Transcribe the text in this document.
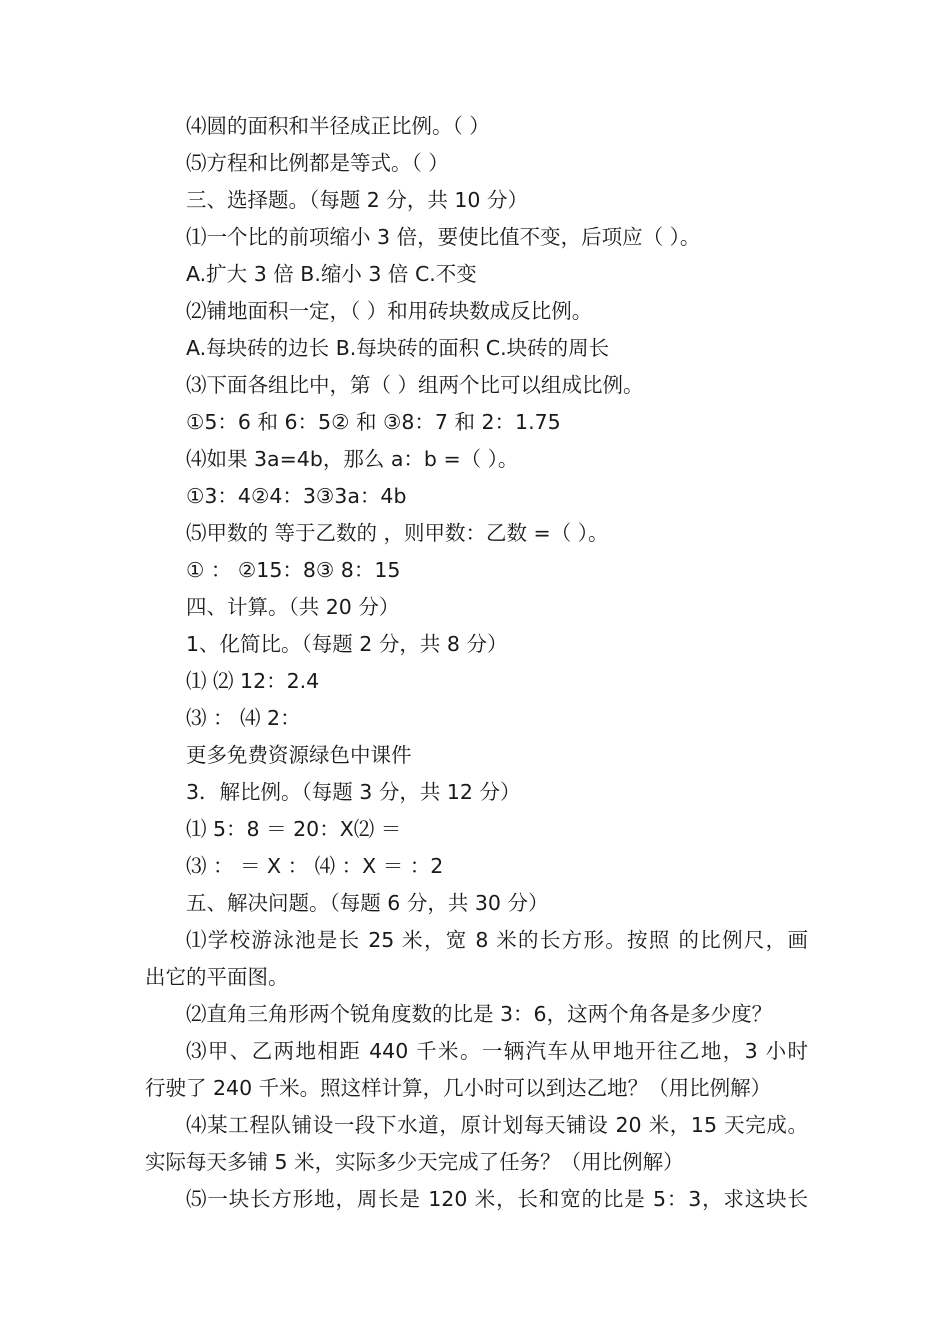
⑷圆的面积和半径成正比例。（ ）
⑸方程和比例都是等式。（ ）
三、选择题。（每题 2 分，共 10 分）
⑴一个比的前项缩小 3 倍，要使比值不变，后项应（ ）。
A.扩大 3 倍 B.缩小 3 倍 C.不变
⑵铺地面积一定，（ ）和用砖块数成反比例。
A.每块砖的边长 B.每块砖的面积 C.块砖的周长
⑶下面各组比中，第（ ）组两个比可以组成比例。
①5：6 和 6：5② 和 ③8：7 和 2：1.75
⑷如果 3a=4b，那么 a：b =（ ）。
①3：4②4：3③3a：4b
⑸甲数的 等于乙数的 ，则甲数：乙数 =（ ）。
① ： ②15：8③ 8：15
四、计算。（共 20 分）
1、化简比。（每题 2 分，共 8 分）
⑴ ⑵ 12：2.4
⑶ ： ⑷ 2：
更多免费资源绿色中课件
3．解比例。（每题 3 分，共 12 分）
⑴ 5：8 ＝ 20：X⑵ ＝
⑶ ： ＝ X ： ⑷ ：X ＝ ：2
五、解决问题。（每题 6 分，共 30 分）
⑴学校游泳池是长 25 米，宽 8 米的长方形。按照 的比例尺，画
出它的平面图。
⑵直角三角形两个锐角度数的比是 3：6，这两个角各是多少度？
⑶甲、乙两地相距 440 千米。一辆汽车从甲地开往乙地，3 小时
行驶了 240 千米。照这样计算，几小时可以到达乙地？（用比例解）
⑷某工程队铺设一段下水道，原计划每天铺设 20 米，15 天完成。
实际每天多铺 5 米，实际多少天完成了任务？（用比例解）
⑸一块长方形地，周长是 120 米，长和宽的比是 5：3，求这块长
